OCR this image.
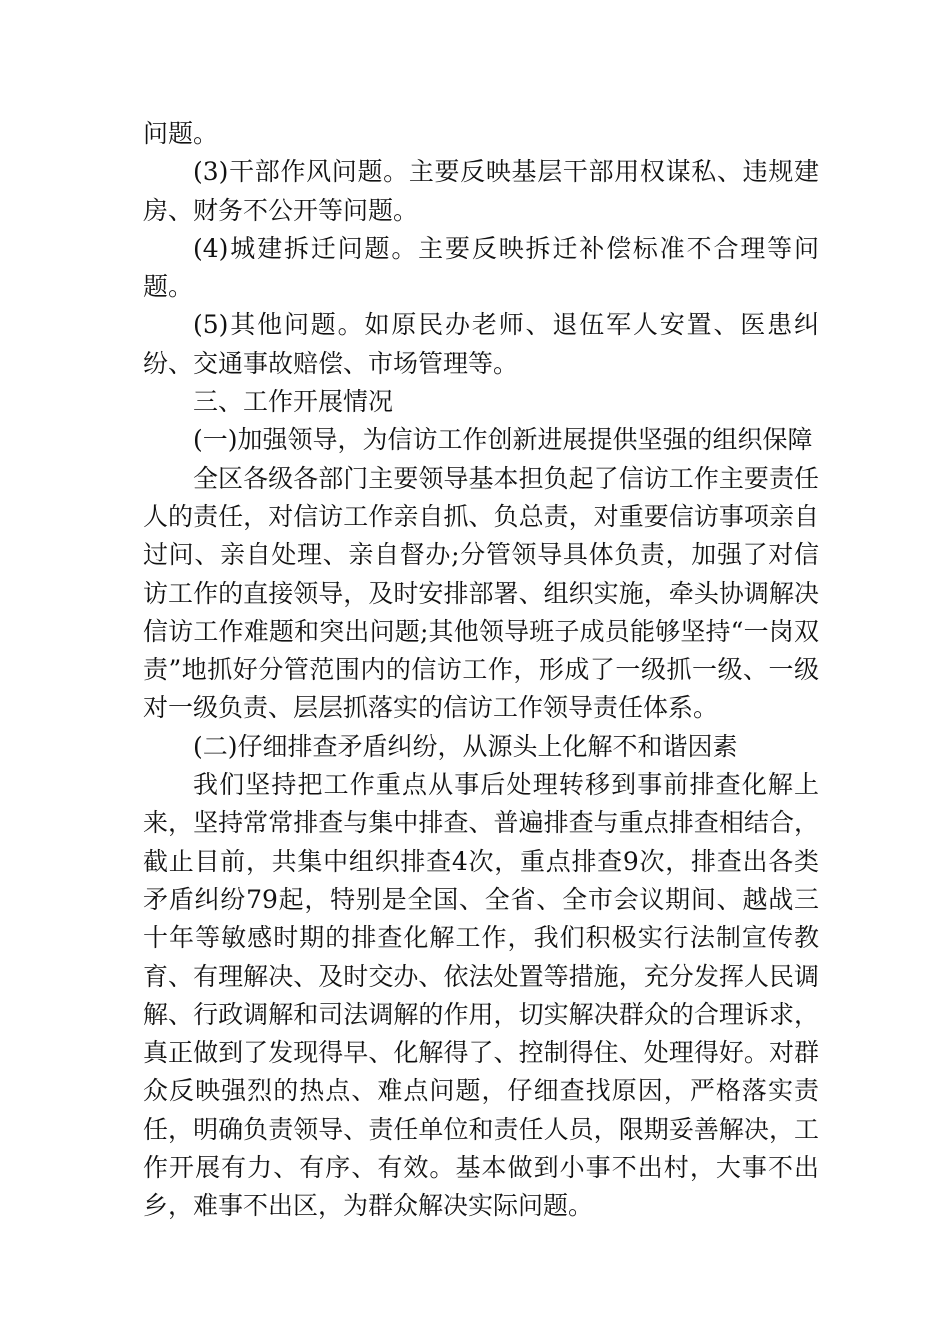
问题。

(3)干部作风问题。主要反映基层干部用权谋私、违规建房、财务不公开等问题。

(4)城建拆迁问题。主要反映拆迁补偿标准不合理等问题。

(5)其他问题。如原民办老师、退伍军人安置、医患纠纷、交通事故赔偿、市场管理等。

三、工作开展情况

(一)加强领导，为信访工作创新进展提供坚强的组织保障

全区各级各部门主要领导基本担负起了信访工作主要责任人的责任，对信访工作亲自抓、负总责，对重要信访事项亲自过问、亲自处理、亲自督办;分管领导具体负责，加强了对信访工作的直接领导，及时安排部署、组织实施，牵头协调解决信访工作难题和突出问题;其他领导班子成员能够坚持“一岗双责”地抓好分管范围内的信访工作，形成了一级抓一级、一级对一级负责、层层抓落实的信访工作领导责任体系。

(二)仔细排查矛盾纠纷，从源头上化解不和谐因素

我们坚持把工作重点从事后处理转移到事前排查化解上来，坚持常常排查与集中排查、普遍排查与重点排查相结合，截止目前，共集中组织排查4次，重点排查9次，排查出各类矛盾纠纷79起，特别是全国、全省、全市会议期间、越战三十年等敏感时期的排查化解工作，我们积极实行法制宣传教育、有理解决、及时交办、依法处置等措施，充分发挥人民调解、行政调解和司法调解的作用，切实解决群众的合理诉求，真正做到了发现得早、化解得了、控制得住、处理得好。对群众反映强烈的热点、难点问题，仔细查找原因，严格落实责任，明确负责领导、责任单位和责任人员，限期妥善解决，工作开展有力、有序、有效。基本做到小事不出村，大事不出乡，难事不出区，为群众解决实际问题。
